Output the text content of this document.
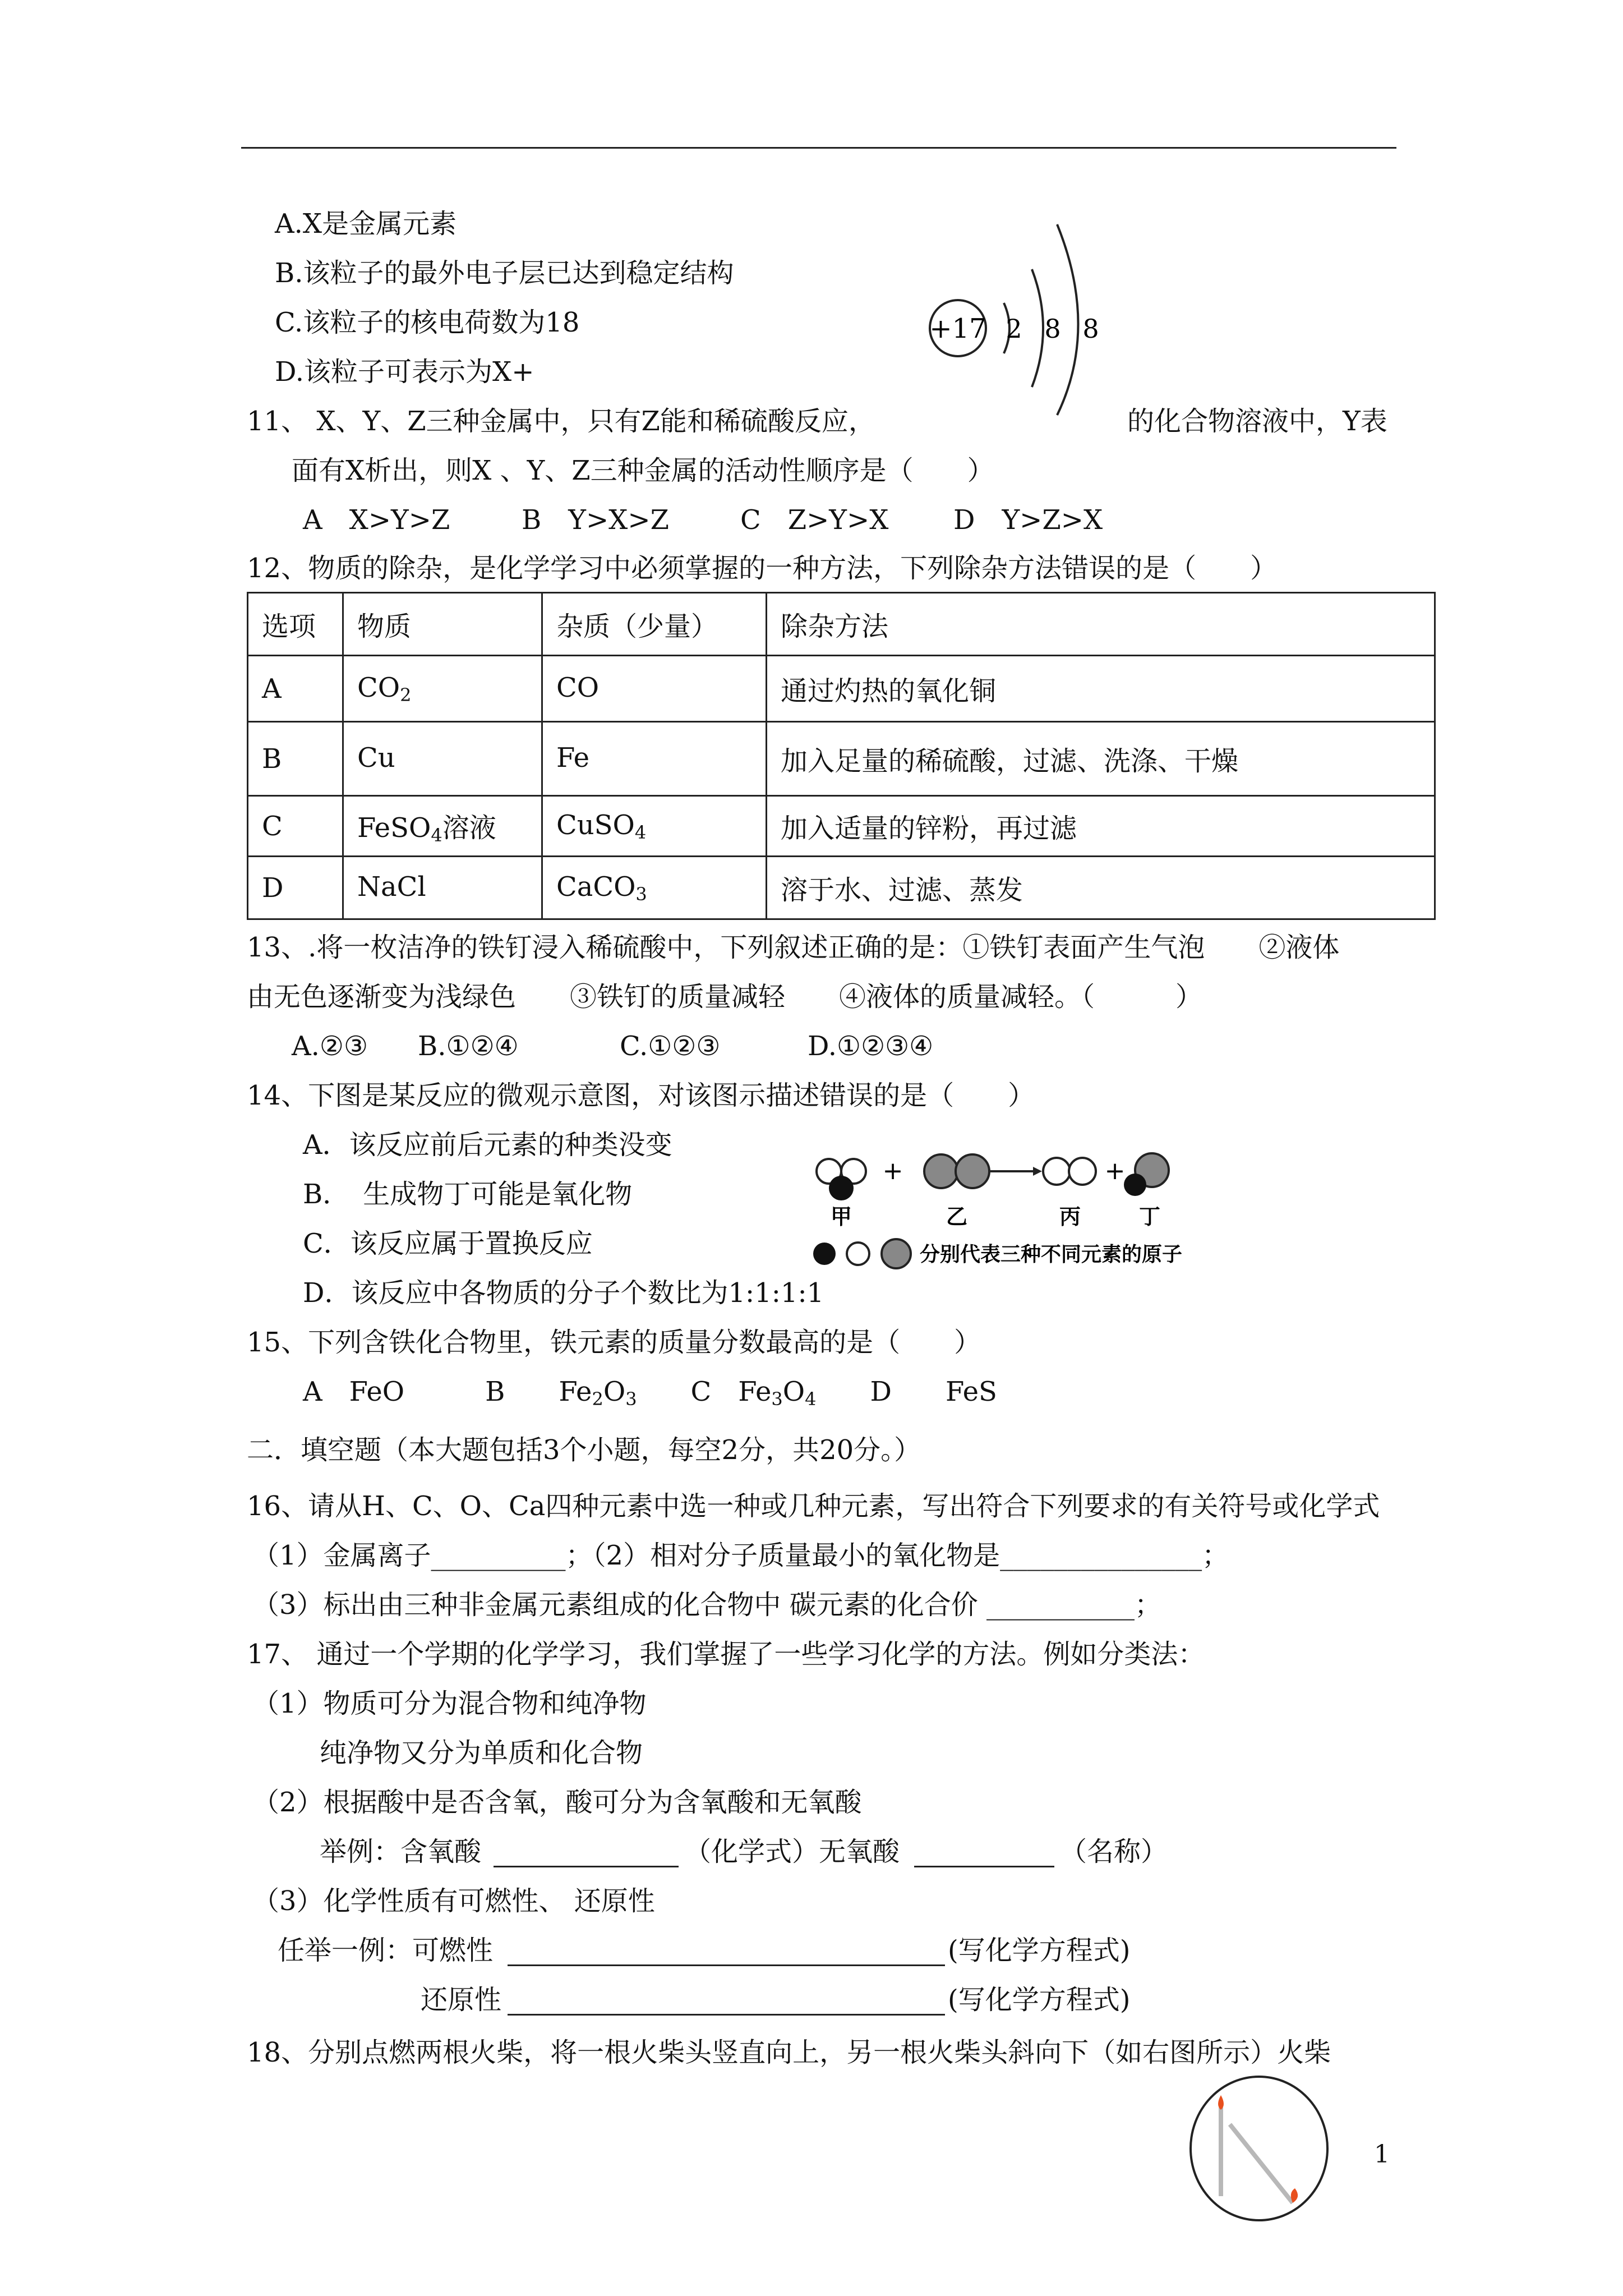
A.X是金属元素
B.该粒子的最外电子层已达到稳定结构
C.该粒子的核电荷数为18
D.该粒子可表示为X+
+17 2 8 8
11、 X、Y、Z三种金属中，只有Z能和稀硫酸反应，	的化合物溶液中，Y表
面有X析出，则X 、Y、Z三种金属的活动性顺序是（　　）
A　X>Y>Z	B　Y>X>Z	C　Z>Y>X D　Y>Z>X
12、物质的除杂，是化学学习中必须掌握的一种方法，下列除杂方法错误的是（　　）
选项	物质	杂质（少量）	除杂方法
A	$CO_2$	CO	通过灼热的氧化铜
B	Cu	Fe	加入足量的稀硫酸，过滤、洗涤、干燥
C	FeSO$_4$溶液	CuSO$_4$	加入适量的锌粉，再过滤
D	NaCl	CaCO$_3$	溶于水、过滤、蒸发
13、.将一枚洁净的铁钉浸入稀硫酸中，下列叙述正确的是：①铁钉表面产生气泡　　②液体
由无色逐渐变为浅绿色　　③铁钉的质量减轻　　④液体的质量减轻。（　　　）
A.②③ B.①②④	C.①②③	D.①②③④
14、下图是某反应的微观示意图，对该图示描述错误的是（　　）
A．该反应前后元素的种类没变
B．　生成物丁可能是氧化物
C．该反应属于置换反应
D．该反应中各物质的分子个数比为1:1:1:1
+	+
甲	乙	丙	丁
分别代表三种不同元素的原子
15、下列含铁化合物里，铁元素的质量分数最高的是（　　）
A　FeO　　　B　　$Fe_2O_3$　　C　$Fe_3O_4$　　D　　FeS
二．填空题（本大题包括3个小题，每空2分，共20分。）
16、请从H、C、O、Ca四种元素中选一种或几种元素，写出符合下列要求的有关符号或化学式
（1）金属离子__________；（2）相对分子质量最小的氧化物是_______________；
（3）标出由三种非金属元素组成的化合物中 碳元素的化合价 ___________；
17、 通过一个学期的化学学习，我们掌握了一些学习化学的方法。例如分类法：
（1）物质可分为混合物和纯净物
纯净物又分为单质和化合物
（2）根据酸中是否含氧，酸可分为含氧酸和无氧酸
举例：含氧酸	（化学式）无氧酸	（名称）
（3）化学性质有可燃性、 还原性
任举一例：可燃性	(写化学方程式)
还原性	(写化学方程式)
18、分别点燃两根火柴，将一根火柴头竖直向上，另一根火柴头斜向下（如右图所示）火柴
1
